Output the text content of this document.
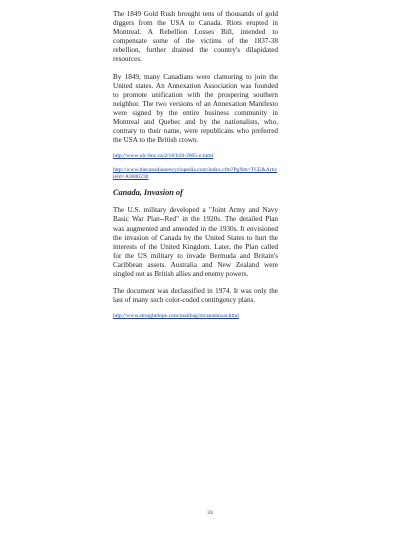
The 1849 Gold Rush brought tens of thousands of gold diggers from the USA to Canada. Riots erupted in Montreal. A Rebellion Losses Bill, intended to compensate some of the victims of the 1837-38 rebellion, further drained the country's dilapidated resources.

By 1849, many Canadians were clamoring to join the United states. An Annexation Association was founded to promote unification with the prospering southern neighbor. The two versions of an Annexation Manifesto were signed by the entire business community in Montreal and Quebec and by the nationalists, who, contrary to their name, were republicans who preferred the USA to the British crown.

http://www.nlc-bnc.ca/2/18/h18-2005-e.html

http://www.thecanadianencyclopedia.com/index.cfm?PgNm=TCE&ArticleId=A0000230

Canada, Invasion of

The U.S. military developed a "Joint Army and Navy Basic War Plan--Red" in the 1920s. The detailed Plan was augmented and amended in the 1930s. It envisioned the invasion of Canada by the United States to hurt the interests of the United Kingdom. Later, the Plan called for the US military to invade Bermuda and Britain's Caribbean assets. Australia and New Zealand were singled out as British allies and enemy powers.

The document was declassified in 1974. It was only the last of many such color-coded contingency plans.

http://www.straightdope.com/mailbag/mcanadawar.html

33
